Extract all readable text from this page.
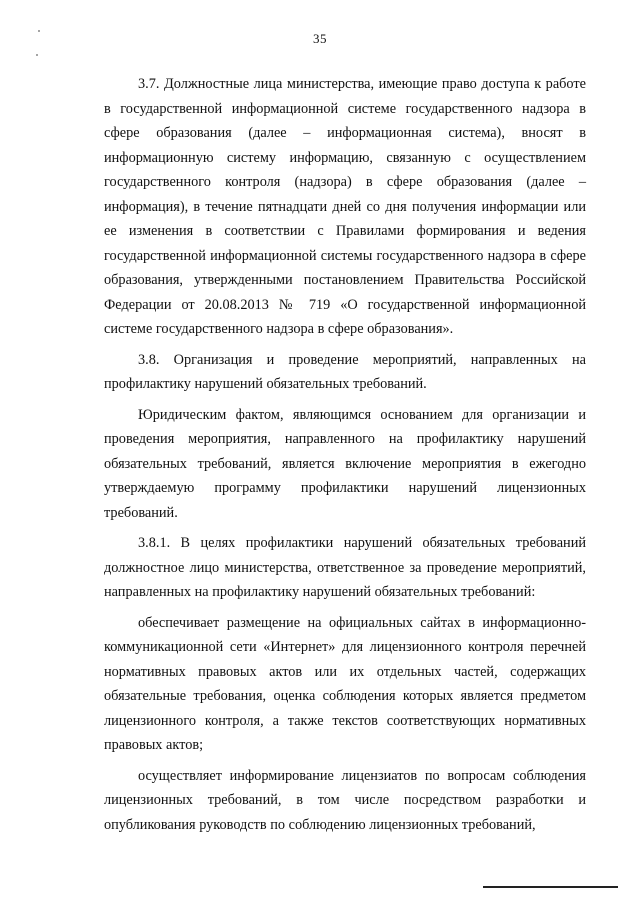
35

3.7. Должностные лица министерства, имеющие право доступа к работе в государственной информационной системе государственного надзора в сфере образования (далее – информационная система), вносят в информационную систему информацию, связанную с осуществлением государственного контроля (надзора) в сфере образования (далее – информация), в течение пятнадцати дней со дня получения информации или ее изменения в соответствии с Правилами формирования и ведения государственной информационной системы государственного надзора в сфере образования, утвержденными постановлением Правительства Российской Федерации от 20.08.2013 № 719 «О государственной информационной системе государственного надзора в сфере образования».

3.8. Организация и проведение мероприятий, направленных на профилактику нарушений обязательных требований.

Юридическим фактом, являющимся основанием для организации и проведения мероприятия, направленного на профилактику нарушений обязательных требований, является включение мероприятия в ежегодно утверждаемую программу профилактики нарушений лицензионных требований.

3.8.1. В целях профилактики нарушений обязательных требований должностное лицо министерства, ответственное за проведение мероприятий, направленных на профилактику нарушений обязательных требований:

обеспечивает размещение на официальных сайтах в информационно-коммуникационной сети «Интернет» для лицензионного контроля перечней нормативных правовых актов или их отдельных частей, содержащих обязательные требования, оценка соблюдения которых является предметом лицензионного контроля, а также текстов соответствующих нормативных правовых актов;

осуществляет информирование лицензиатов по вопросам соблюдения лицензионных требований, в том числе посредством разработки и опубликования руководств по соблюдению лицензионных требований,
